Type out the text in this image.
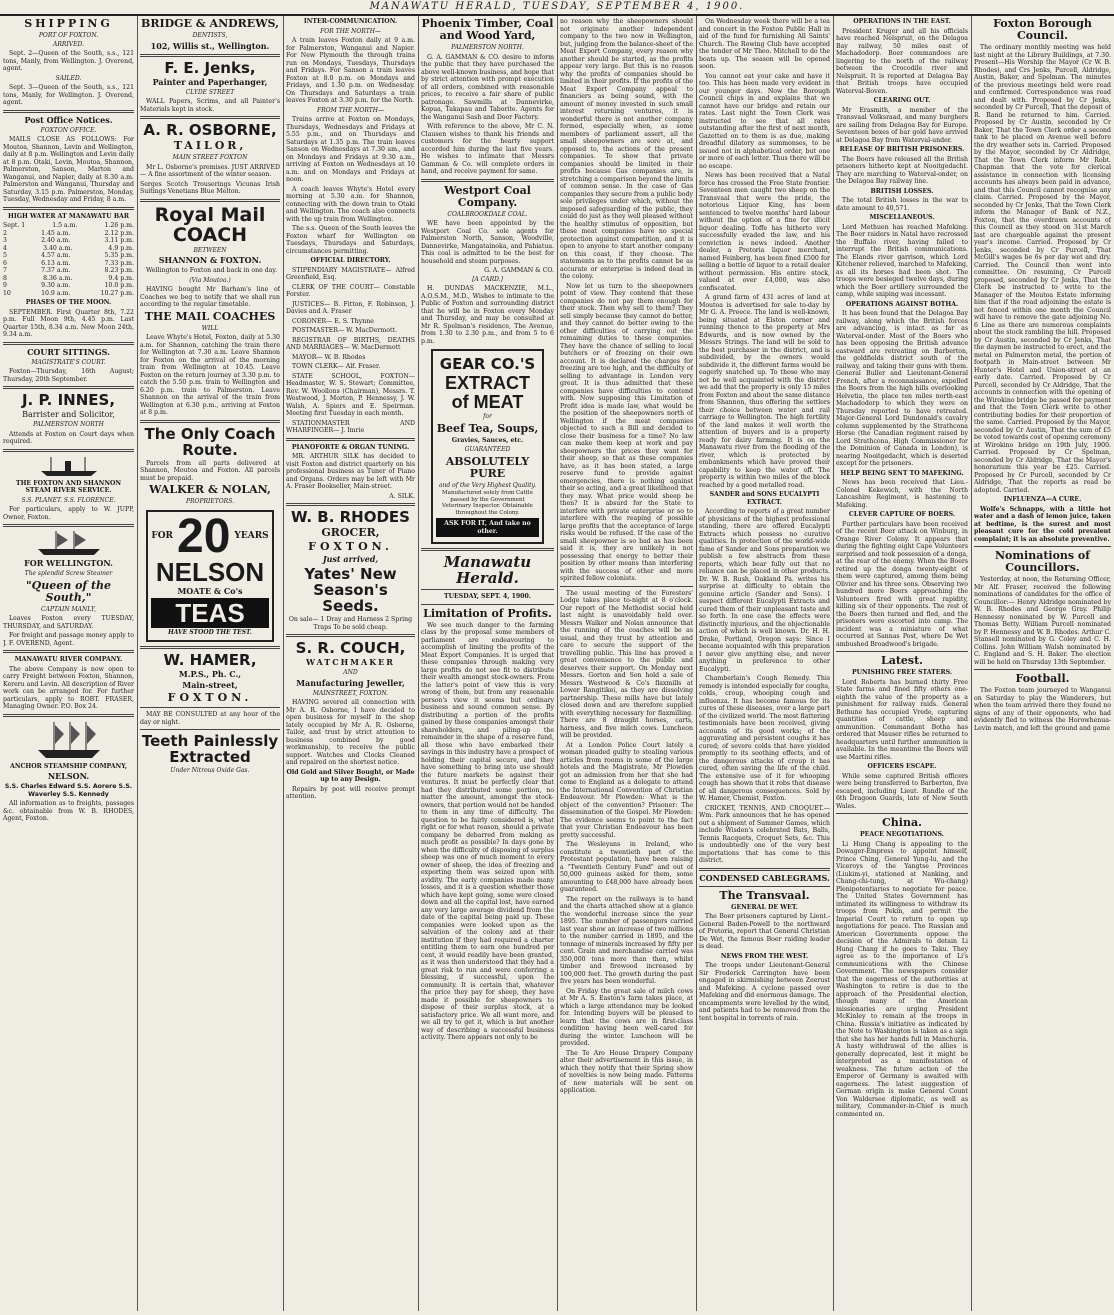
MANAWATU HERALD, TUESDAY, SEPTEMBER 4, 1900.
SHIPPING
PORT OF FOXTON.
ARRIVED.

Sept. 2—Queen of the South, s.s., 121 tons, Manly, from Wellington. J. Overend, agent.

SAILED.

Sept. 3—Queen of the South, s.s., 121 tons, Manly, for Wellington. J. Overend, agent.

Post Office Notices.
FOXTON OFFICE.

MAILS CLOSE AS FOLLOWS: For Moutoa, Shannon, Levin and Wellington, daily at 8 p.m. Wellington and Levin daily at 8 p.m. Otaki, Levin, Moutoa, Shannon, Palmerston, Sanson, Marton and Wanganui, and Napier, daily at 8.30 a.m. Palmerston and Wanganui, Thursday and Saturday, 3.15 p.m. Palmerston, Monday, Tuesday, Wednesday and Friday, 8 a.m.

HIGH WATER AT MANAWATU BAR
Sept. 1	1.5 a.m.	1.26 p.m.
2	1.45 a.m.	2.12 p.m.
3	2.40 a.m.	3.11 p.m.
4	3.40 a.m.	4.9 p.m.
5	4.57 a.m.	5.35 p.m.
6	6.13 a.m.	7.33 p.m.
7	7.37 a.m.	8.23 p.m.
8	8.36 a.m.	9.4 p.m.
9	9.30 a.m.	10.0 p.m.
10	10.9 a.m.	10.27 p.m.
PHASES OF THE MOON.

SEPTEMBER. First Quarter 8th, 7.22 p.m. Full Moon 9th, 4.45 p.m. Last Quarter 15th, 8.34 a.m. New Moon 24th, 9.34 a.m.

COURT SITTINGS.
MAGISTRATE'S COURT.

Foxton—Thursday, 16th August; Thursday, 20th September.

J. P. INNES,
Barrister and Solicitor,
PALMERSTON NORTH

Attends at Foxton on Court days when required.

THE FOXTON AND SHANNON STEAM RIVER SERVICE.
S.S. PLANET. S.S. FLORENCE.

For particulars, apply to W. JUPP, Owner, Foxton.

FOR WELLINGTON.
The splendid Screw Steamer
"Queen of the South,"
CAPTAIN MANLY,

Leaves Foxton every TUESDAY, THURSDAY, and SATURDAY.

For freight and passage money apply to J. F. OVEREND, Agent.

MANAWATU RIVER COMPANY.

The above Company is now open to carry Freight between Foxton, Shannon, Kereru and Levin. All description of River work can be arranged for. For further particulars, apply to ROBT. FRASER, Managing Owner. P.O. Box 24.

ANCHOR STEAMSHIP COMPANY,
NELSON.
S.S. Charles Edward S.S. Aorere S.S. Waverley S.S. Kennedy

All information as to freights, passages &c. obtainable from W. B. RHODES, Agent, Foxton.

BRIDGE & ANDREWS,
DENTISTS,
102, Willis st., Wellington.
F. E. Jenks,
Painter and Paperhanger,
CLYDE STREET

WALL Papers, Scrims, and all Painter's Materials kept in stock.

A. R. OSBORNE,
TAILOR,
MAIN STREET FOXTON

Mr L. Osborne's premises. JUST ARRIVED — A fine assortment of the winter season.

Serges Scotch Trouserings Vicunas Irish Suitings Venetians Blue Melton.

Royal Mail COACH
BETWEEN
SHANNON & FOXTON.

Wellington to Foxton and back in one day.

(Via Moutoa.)

HAVING bought Mr Barham's line of Coaches we beg to notify that we shall run according to the regular timetable.

THE MAIL COACHES
WILL

Leave Whyte's Hotel, Foxton, daily at 5.30 a.m. for Shannon, catching the train there for Wellington at 7.30 a.m. Leave Shannon for Foxton on the arrival of the morning train from Wellington at 10.45. Leave Foxton on the return journey at 3.30 p.m. to catch the 5.50 p.m. train to Wellington and 6.20 p.m. train to Palmerston. Leave Shannon on the arrival of the train from Wellington at 6.30 p.m., arriving at Foxton at 8 p.m.

The Only Coach Route.

Parcels from all parts delivered at Shannon, Moutoa and Foxton. All parcels must be prepaid.

WALKER & NOLAN,
PROPRIETORS.
FOR 20 YEARS
NELSON
MOATE & Co's
TEAS
HAVE STOOD THE TEST.
W. HAMER,
M.P.S., Ph. C.,
Main-street,
FOXTON.

MAY BE CONSULTED at any hour of the day or night.

Teeth Painlessly Extracted
Under Nitrous Oxide Gas.
INTER-COMMUNICATION.
FOR THE NORTH—

A train leaves Foxton daily at 9 a.m. for Palmerston, Wanganui and Napier. For New Plymouth the through trains run on Mondays, Tuesdays, Thursdays and Fridays. For Sanson a train leaves Foxton at 8.0 p.m. on Mondays and Fridays, and 1.30 p.m. on Wednesday. On Thursdays and Saturdays a train leaves Foxton at 3.30 p.m. for the North.

FROM THE NORTH—

Trains arrive at Foxton on Mondays, Thursdays, Wednesdays and Fridays at 5.55 p.m., and on Thursdays and Saturdays at 1.35 p.m. The train leaves Sanson on Wednesdays at 7.30 am., and on Mondays and Fridays at 9.30 a.m., arriving at Foxton on Wednesdays at 10 a.m. and on Mondays and Fridays at noon.

A coach leaves Whyte's Hotel every morning at 5.30 a.m. for Shannon, connecting with the down train to Otaki and Wellington. The coach also connects with the up train from Wellington.

The s.s. Queen of the South leaves the Foxton wharf for Wellington on Tuesdays, Thursdays and Saturdays, circumstances permitting.

OFFICIAL DIRECTORY.

STIPENDIARY MAGISTRATE— Alfred Greenfield, Esq.

CLERK OF THE COURT— Constable Forster.

JUSTICES— B. Fitton, F. Robinson, J. Davies and A. Fraser

CORONER— E. S. Thynne

POSTMASTER— W. MacDermott.

REGISTRAR OF BIRTHS, DEATHS AND MARRIAGES— W. MacDermott

MAYOR— W. B. Rhodes

TOWN CLERK— Alf. Fraser.

STATE SCHOOL, FOXTON— Headmaster, W. S. Stewart; Committee, Rev. W. Woollons (Chairman), Messrs. T. Westwood, J. Morton, P. Hennessy, J. W. Walsh, A. Spiers and E. Speirman. Meeting first Tuesday in each month.

STATIONMASTER AND WHARFINGER— J. Imrie

PIANOFORTE & ORGAN TUNING.

MR. ARTHUR SILK has decided to visit Foxton and district quarterly on his professional business as Tuner of Piano and Organs. Orders may be left with Mr A. Fraser Bookseller, Main-street.

A. SILK.
W. B. RHODES
GROCER,
FOXTON.
Just arrived,
Yates' New Season's Seeds.

On sale— 1 Dray and Harness 2 Spring Traps To be sold cheap.

S. R. COUCH,
WATCHMAKER
AND
Manufacturing Jeweller,
MAINSTREET, FOXTON.

HAVING severed all connection with Mr A. R. Osborne, I have decided to open business for myself in the shop lately occupied by Mr A. R. Osborne, Tailor, and trust by strict attention to business combined by good workmanship, to receive the public support. Watches and Clocks Cleaned and repaired on the shortest notice.

Old Gold and Silver Bought, or Made up to any Design.

Repairs by post will receive prompt attention.

Phoenix Timber, Coal and Wood Yard,
PALMERSTON NORTH.

G. A. GAMMAN & CO. desire to inform the public that they have purchased the above well-known business, and hope that by strict attention with prompt execution of all orders, combined with reasonable prices, to receive a fair share of public patronage. Sawmills at Dannevirke, Kopua, Takapau and Taborite. Agents for the Wanganui Sash and Door Factory.

With reference to the above, Mr C. N. Clausen wishes to thank his friends and customers for the hearty support accorded him during the last five years. He wishes to intimate that Messrs Gamman & Co. will complete orders in hand, and receive payment for same.

Westport Coal Company.
COALBROOKDALE COAL.

WE have been appointed by the Westport Coal Co. sole agents for Palmerston North, Sanson, Woodville, Dannevirke, Mangatainoka, and Pahiatua. This coal is admitted to be the best for household and steam purposes.

G. A. GAMMAN & CO.
[A CARD.]

H. DUNDAS MACKENZIE, M.L., A.O.S.M., M.D., Wishes to intimate to the Public of Foxton and surrounding district that he will be in Foxton every Monday and Thursday, and may be consulted at Mr R. Spelman's residence, The Avenue, from 1.30 to 2.30 p.m., and from 5 to 6 p.m.

GEAR CO.'S
EXTRACT
of MEAT
for
Beef Tea, Soups,
Gravies, Sauces, etc.
GUARANTEED
ABSOLUTELY PURE
and of the Very Highest Quality.
Manufactured solely from Cattle passed by the Government Veterinary Inspector. Obtainable throughout the Colony.
ASK FOR IT, And take no other.
Manawatu Herald.
TUESDAY, SEPT. 4, 1900.
Limitation of Profits.

We see much danger to the farming class by the proposal some members of parliament are endeavouring to accomplish of limiting the profits of the Meat Export Companies. It is urged that these companies through making very large profits do not see fit to distribute their wealth amongst stock-owners. From the latter's point of view this is very wrong of them, but from any reasonable person's view it seems but ordinary business and sound common sense. By distributing a portion of the profits gained by these companies amongst their shareholders, and piling-up the remainder in the shape of a reserve fund, all those who have embarked their savings in this industry have a prospect of holding their capital secure, and they have something to bring into use should the future markets be against their ventures. It must be perfectly clear that had they distributed some portion, no matter the amount, amongst the stock-owners, that portion would not be handed to them in any time of difficulty. The question to be fairly considered is, what right or for what reason, should a private company be debarred from making as much profit as possible? In days gone by when the difficulty of disposing of surplus sheep was one of much moment to every owner of sheep, the idea of freezing and exporting them was seized upon with avidity. The early companies made many losses, and it is a question whether those which have kept going, some were closed down and all the capital lost, have earned any very large average dividend from the date of the capital being paid up. These companies were looked upon as the salvation of the colony and at their institution if they had required a charter entitling them to earn one hundred per cent, it would readily have been granted, as it was then understood that they had a great risk to run and were conferring a blessing, if successful, upon the community. It is certain that, whatever the price they pay for sheep, they have made it possible for sheepowners to dispose of their surplus stock, at a satisfactory price. We all want more, and we all try to get it, which is but another way of describing a successful business activity. There appears not only to be

no reason why the sheepowners should not originate another independent company to the two now in Wellington, but, judging from the balance-sheet of the Meat Export Company, every reason why another should be started, as the profits appear very large. But this is no reason why the profits of companies should be limited in their profits. If the profits of the Meat Export Company appeal to financiers as being sound, with the amount of money invested in such small interest returning ventures, it is wonderful there is not another company formed, especially when, as some members of parliament assert, all the small sheepowners are sore at, and opposed to, the actions of the present companies. To show that private companies should be limited in their profits because Gas companies are, is stretching a comparison beyond the limits of common sense. In the case of Gas companies they secure from a public body sole privileges under which, without the imposed safeguarding of the public, they could do just as they well pleased without the healthy stimulus of opposition, but these meat companies have no special protection against competition, and it is open to anyone to start another company on this coast, if they choose. The statements as to the profits cannot be as accurate or enterprise is indeed dead in the colony.

Now let us turn to the sheepowners point of view. They contend that these companies do not pay them enough for their stock. Then why sell to them? They sell simply because they cannot do better, and they cannot do better owing to the other difficulties of carrying out the remaining duties to these companies. They have the chance of selling to local butchers or of freezing on their own account. It is declared the charges for freezing are too high, and the difficulty of selling to advantage in London very great. It is thus admitted that these companies have difficulties to contend with. Now supposing this Limitation of Profit idea is made law, what would be the position of the sheepowners north of Wellington if the meat companies objected to such a Bill and decided to close their business for a time? No law can make them keep at work and pay sheepowners the prices they want for their sheep, so that as these companies have, as it has been stated, a large reserve fund to provide against emergencies, there is nothing against their so acting, and a great likelihood that they may. What price would sheep be then? It is absurd for the State to interfere with private enterprise or so to interfere with the reaping of possible large profits that the acceptance of large risks would be refused. If the case of the small sheepowner is so bad as has been said it is, they are unlikely in not possessing that energy to better their position by other means than interfering with the success of other and more spirited fellow colonists.

The usual meeting of the Foresters' Lodge takes place to-night at 8 o'clock. Our report of the Methodist social held last night is unavoidably held over. Messrs Walker and Nolan announce that the running of the coaches will be as usual, and they trust by attention and care to secure the support of the travelling public. This line has proved a great convenience to the public and deserves their support. On Monday next Messrs. Gorton and Son hold a sale of Messrs Westwood & Co's flaxmills at Lower Rangitikei, as they are dissolving partnership. These mills have but lately closed down and are therefore supplied with everything necessary for flaxmilling. There are 8 draught horses, carts, harness, and five milch cows. Luncheon will be provided.

At a London Police Court lately a woman pleaded guilty to stealing various articles from rooms in some of the large hotels and the Magistrate, Mr Plowden got an admission from her that she had come to England as a delegate to attend the International Convention of Christian Endeavour. Mr Plowden: What is the object of the convention? Prisoner: The dissemination of the Gospel. Mr Plowden: The evidence seems to point to the fact that your Christian Endeavour has been pretty successful.

The Wesleyans in Ireland, who constitute a twentieth part of the Protestant population, have been raising a "Twentieth Century Fund" and out of 50,000 guineas asked for them, some amounting to £48,000 have already been guaranteed.

The report on the railways is to hand and the charts attached show at a glance the wonderful increase since the year 1895. The number of passengers carried last year show an increase of two millions to the number carried in 1895, and the tonnage of minerals increased by fifty per cent. Grain and merchandise carried was 350,000 tons more than then, whilst timber and firewood increased by 100,000 feet. The growth during the past five years has been wonderful.

On Friday the great sale of milch cows at Mr A. S. Easton's farm takes place, at which a large attendance may be looked for. Intending buyers will be pleased to learn that the cows are in first-class condition having been well-cared for during the winter. Luncheon will be provided.

The Te Aro House Drapery Company alter their advertisement in this issue, in which they notify that their Spring show of novelties is now being made. Patterns of new materials will be sent on application.

On Wednesday week there will be a tea and concert in the Foxton Public Hall in aid of the fund for furnishing All Saints' Church. The Rowing Club have accepted the tender of Mr Theo. Mitchell to do the boats up. The season will be opened soon.

You cannot eat your cake and have it too. This has been made very evident in our younger days. Now the Borough Council chips in and explains that we cannot have our bridge and retain our rates. Last night the Town Clerk was instructed to see that all rates outstanding after the first of next month, Gazetted on to them is as due, making dreadful dilatory as summonses, to be issued not in alphabetical order, but one or more of each letter. Thus there will be no escape.

News has been received that a Natal force has crossed the Free State frontier. Seventeen men caught two sheep on the Transvaal that were the pride, the notorious Liquor King, has been sentenced to twelve months' hard labour without the option of a fine for illicit liquor dealing. Toffe has hitherto very successfully evaded the law, and his conviction is news indeed. Another dealer, a Pretoria liquor merchant, named Feinberg, has been fined £500 for selling a bottle of liquor to a retail dealer without permission. His entire stock, valued at over £4,000, was also confiscated.

A grand farm of 431 acres of land at Moutoa is advertised for sale to-day by Mr G. A. Preece. The land is well-known, being situated at Elston corner and running thence to the property at Mrs Edwards, and is now owned by the Messrs Strings. The land will be sold to the best purchaser in the district, and is subdivided, by the owners would subdivide it, the different farms would be eagerly snatched up. To those who may not be well acquainted with the district we add that the property is only 15 miles from Foxton and about the same distance from Shannon, thus offering the settlers their choice between water and rail carriage to Wellington. The high fertility of the land makes it well worth the attention of buyers and is a property ready for dairy farming. It is on the Manawatu river from the flooding of the river, which is protected by embankments which have proved their capability to keep the water off. The property is within two miles of the block reached by a good metalled road.

SANDER and SONS EUCALYPTI EXTRACT.

According to reports of a great number of physicians of the highest professional standing, there are offered Eucalypti Extracts which possess no curative qualities. In protection of the world-wide fame of Sander and Sons preparation we publish a few abstracts from these reports, which bear fully out that no reliance can be placed in other products. Dr. W. B. Rush, Oakland Pa. writes his surprise at difficulty to obtain the genuine article (Sander and Sons). I suspect different Eucalypti Extracts and cured them of their unpleasant taste and so forth. In one case the effects were distinctly injurious, and the objectionable action of which is well known. Dr. H. H. Drake, Portland, Oregon says: Since I became acquainted with this preparation I never give anything else, and never anything in preference to other Eucalypti.

Chamberlain's Cough Remedy. This remedy is intended especially for coughs, colds, croup, whooping cough and influenza. It has become famous for its cures of these diseases, over a large part of the civilized world. The most flattering testimonials have been received, giving accounts of its good works; of the aggravating and persistent coughs it has cured; of severe colds that have yielded promptly to its soothing effects, and of the dangerous attacks of croup it has cured, often saving the life of the child. The extensive use of it for whooping cough has shown that it robs that disease of all dangerous consequences. Sold by W. Hamer, Chemist, Foxton.

CRICKET, TENNIS, AND CROQUET.—Wm. Park announces that he has opened out a shipment of Summer Games, which include Wisden's celebrated Bats, Balls, Tennis Racquets, Croquet Sets, &c. This is undoubtedly one of the very best importations that has come to this district.

CONDENSED CABLEGRAMS.
The Transvaal.
GENERAL DE WET.

The Boer prisoners captured by Lient.-General Baden-Powell to the northward of Pretoria, report that General Christian De Wet, the famous Boer raiding leader is dead.

NEWS FROM THE WEST.

The troops under Lieutenant-General Sir Frederick Carrington have been engaged in skirmishing between Zeerust and Mafeking. A cyclone passed over Mafeking and did enormous damage. The encampments were levelled by the wind, and patients had to be removed from the tent hospital in torrents of rain.

OPERATIONS IN THE EAST.

President Kruger and all his officials have reached Nelspruit, on the Delagoa Bay railway, 50 miles east of Machadodorp. Boer commandoes are lingering to the north of the railway between the Crocodile river and Nelspruit. It is reported at Delagoa Bay that British troops have occupied Waterval-Boven.

CLEARING OUT.

Mr Erasmith, a member of the Transvaal Volksraad, and many burghers are sailing from Delagoa Bay for Europe. Seventeen boxes of bar gold have arrived at Delagoa Bay from Waterval-under.

RELEASE OF BRITISH PRISONERS.

The Boers have released all the British prisoners hitherto kept at Nooitgedacht. They are marching to Waterval-onder, on the Delagoa Bay railway line.

BRITISH LOSSES.

The total British losses in the war to date amount to 40,571.

MISCELLANEOUS.

Lord Methuen has reached Mafeking. The Boer raiders in Natal have recrossed the Buffalo river, having failed to interrupt the British communications. The Elands river garrison, which Lord Kitchener relieved, marched to Mafeking, as all its horses had been shot. The troops were besieged twelve days, during which the Boer artillery surrounded the camp, while sniping was incessant.

OPERATIONS AGAINST BOTHA.

It has been found that the Delagoa Bay railway, along which the British forces are advancing, is intact as far as Waterval-onder. Most of the Boers who has been opposing the British advance eastward are retreating on Barberton, the goldfields district south of the railway, and taking their guns with them. General Buller and Lieutenant-General French, after a reconnaissance, expelled the Boers from the high hills overlooking Helvetia, the place ten miles north-east Machadodorp to which they were on Thursday reported to have retreated. Major-General Lord Dundonald's cavalry column supplemented by the Strathcona Horse (the Canadian regiment raised by Lord Strathcona, High Commissioner for the Dominion of Canada in London), is nearing Nooitgedacht, which is deserted except for the prisoners.

HELP BEING SENT TO MAFEKING.

News has been received that Lieu.-Colonel Kekewich, with the North Lancashire Regiment, is hastening to Mafeking.

CLEVER CAPTURE OF BOERS.

Further particulars have been received of the recent Boer attack on Winburg, in Orange River Colony. It appears that during the fighting eight Cape Volunteers surprised and took possession of a donga, at the rear of the enemy. When the Boers retired up the donga twenty-eight of them were captured, among them being Olivier and his three sons. Observing two hundred more Boers approaching the Volunteers fired with great rapidity, killing six of their opponents. The rest of the Boers then turned and fled, and the prisoners were escorted into camp. The incident was a miniature of what occurred at Sannas Post, where De Wet ambushed Broadwood's brigade.

Latest.
PUNISHING FREE STATERS.

Lord Roberts has burned thirty Free State farms and fined fifty others one-eighth the value of the property as a punishment for railway raids. General Bethune has occupied Vrede, capturing quantities of cattle, sheep and ammunition. Commandant Botha has ordered that Mauser rifles be returned to headquarters until further ammunition is available. In the meantime the Boers will use Martini rifles.

OFFICERS ESCAPE.

While some captured British officers were being transferred to Barberton, five escaped, including Lieut. Rundle of the 6th Dragoon Guards, late of New South Wales.

China.
PEACE NEGOTIATIONS.

Li Hung Chang is appealing to the Dowager-Empress to appoint himself, Prince Ching, General Yung-lu, and the Viceroys of the Yangtse Provinces (Liukim-yi, stationed at Nanking, and Chang-chi-tung, at Wu-chang) Plenipotentiaries to negotiate for peace. The United States Government has intimated its willingness to withdraw its troops from Pekin, and permit the Imperial Court to return to open up negotiations for peace. The Russian and American Governments oppose the decision of the Admirals to detain Li Hung Chang if he goes to Taku. They agree as to the importance of Li's communications with the Chinese Government. The newspapers consider that the eagerness of the authorities at Washington to retire is due to the approach of the Presidential election, though many of the American missionaries are urging President McKinley to remain at the troops in China. Russia's initiative as indicated by the Note to Washington is taken as a sign that she has her hands full in Manchuria. A hasty withdrawal of the allies is generally deprecated, lest it might be interpreted as a manifestation of weakness. The future action of the Emperor of Germany is awaited with eagerness. The latest suggestion of German origin is make General Count Von Waldersee diplomatic, as well as military, Commander-in-Chief is much commented on.

Foxton Borough Council.

The ordinary monthly meeting was held last night at the Library Buildings, at 7.30. Present—His Worship the Mayor (Cr W. B. Rhodes), and Crs Jenks, Purcell, Aldridge, Austin, Baker, and Spelman. The minutes of the previous meetings held were read and confirmed. Correspondence was read and dealt with. Proposed by Cr Jenks, seconded by Cr Purcell, That the deposit of R. Rand be returned to him. Carried. Proposed by Cr Austin, seconded by Cr Baker, That the Town Clerk order a second tank to be placed on Avenue well before the dry weather sets in. Carried. Proposed by the Mayor, seconded by Cr Aldridge, That the Town Clerk inform Mr Robt. Chapman that the vote for clerical assistance in connection with licensing accounts has always been paid in advance, and that this Council cannot recognise any claim. Carried. Proposed by the Mayor, seconded by Cr Jenks, That the Town Clerk inform the Manager of Bank of N.Z., Foxton, that the overdrawn accounts of this Council as they stood on 31st March last are chargeable against the present year's income. Carried. Proposed by Cr Jenks, seconded by Cr Purcell, That McGill's wages be 6s per day wet and dry. Carried. The Council then went into committee. On resuming, Cr Purcell proposed, seconded by Cr Jenks, That the Clerk be instructed to write to the Manager of the Moutoa Estate informing him that if the road adjoining the estate is not fenced within one month the Council will have to remove the gate adjoining No. 6 Line as there are numerous complaints about the stock rambling the hill. Proposed by Cr Austin, seconded by Cr Jenks, That the daymen be instructed to erect, and the metal on Palmerston metal, the portion of footpath in Main-street between Mr Hunter's Hotel and Union-street at an early date. Carried. Proposed by Cr Purcell, seconded by Cr Aldridge, That the accounts in connection with the opening of the Wirokino bridge be passed for payment and that the Town Clerk write to other contributing bodies for their proportion of the same. Carried. Proposed by the Mayor, seconded by Cr Austin, That the sum of £5 be voted towards cost of opening ceremony at Wirokino bridge on 19th July, 1900. Carried. Proposed by Cr Spelman, seconded by Cr Aldridge, That the Mayor's honorarium this year be £25. Carried. Proposed by Cr Purcell, seconded by Cr Aldridge, That the reports as read be adopted. Carried.

INFLUENZA—A CURE.

Wolfe's Schnapps, with a little hot water and a dash of lemon juice, taken at bedtime, is the surest and most pleasant cure for the cold prevalent complaint; it is an absolute preventive.

Nominations of Councillors.

Yesterday, at noon, the Returning Officer, Mr Alf. Fraser, received the following nominations of candidates for the office of Councillor:— Henry Aldridge nominated by W. B. Rhodes and George Gray. Philip Hennessy nominated by W. Purcell and Thomas Betty. William Purcell nominated by P. Hennessy and W. B. Rhodes. Arthur C. Stansell nominated by G. Coley and C. H. Collins. John William Walsh nominated by C. England and S. H. Baker. The election will be held on Thursday 13th September.

Football.

The Foxton team journeyed to Wanganui on Saturday to play the Wanderers, but when the team arrived there they found no signs of any of their opponents, who had evidently fled to witness the Horowhenua-Levin match, and left the ground and game
